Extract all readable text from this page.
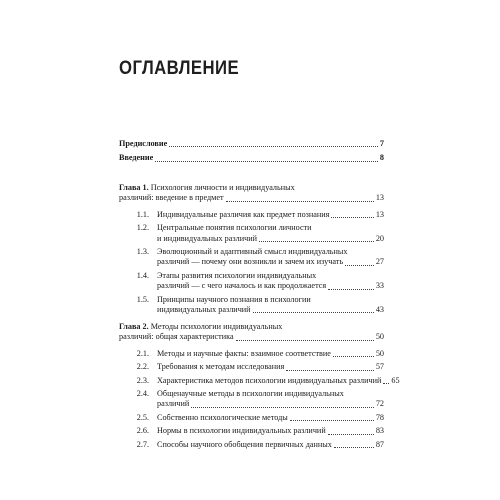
ОГЛАВЛЕНИЕ
Предисловие	7
Введение	8
Глава 1. Психология личности и индивидуальных
различий: введение в предмет	13
1.1. Индивидуальные различия как предмет познания	13
1.2. Центральные понятия психологии личности
и индивидуальных различий	20
1.3. Эволюционный и адаптивный смысл индивидуальных
различий — почему они возникли и зачем их изучать	27
1.4. Этапы развития психологии индивидуальных
различий — с чего началось и как продолжается	33
1.5. Принципы научного познания в психологии
индивидуальных различий	43
Глава 2. Методы психологии индивидуальных
различий: общая характеристика	50
2.1. Методы и научные факты: взаимное соответствие	50
2.2. Требования к методам исследования	57
2.3. Характеристика методов психологии индивидуальных различий 65
2.4. Общенаучные методы в психологии индивидуальных
различий	72
2.5. Собственно психологические методы	78
2.6. Нормы в психологии индивидуальных различий	83
2.7. Способы научного обобщения первичных данных	87
